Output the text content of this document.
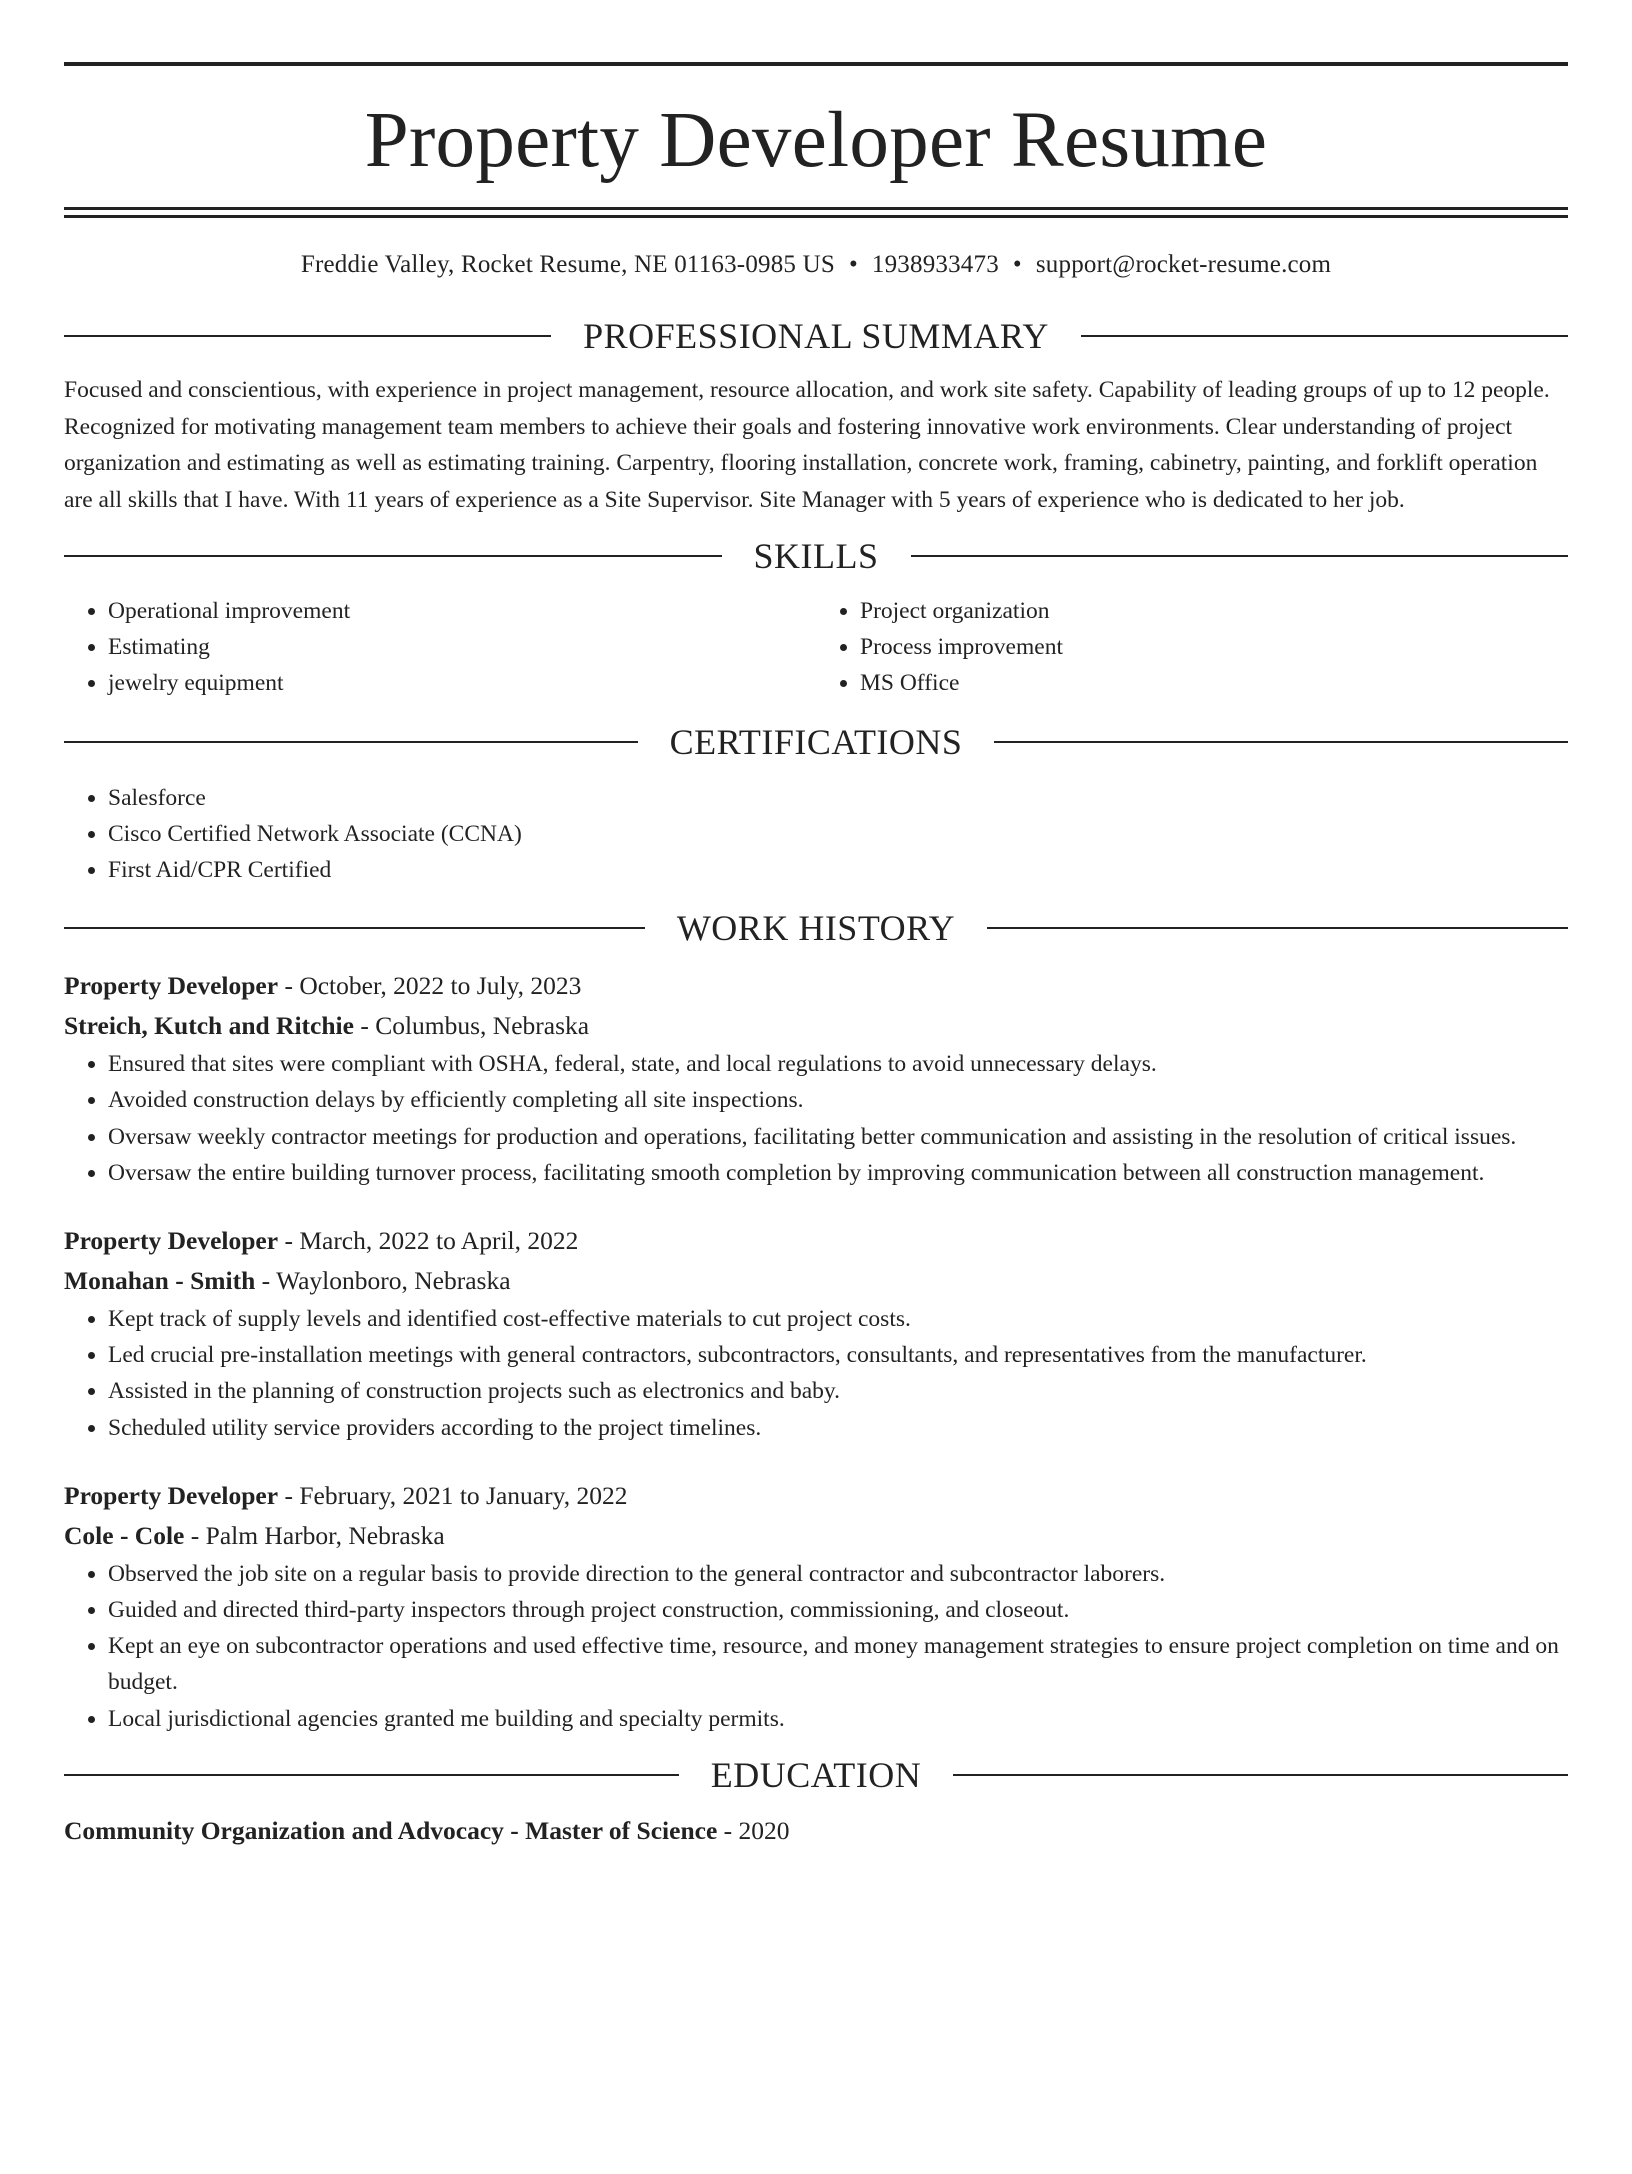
Property Developer Resume
Freddie Valley, Rocket Resume, NE 01163-0985 US • 1938933473 • support@rocket-resume.com
PROFESSIONAL SUMMARY

Focused and conscientious, with experience in project management, resource allocation, and work site safety. Capability of leading groups of up to 12 people. Recognized for motivating management team members to achieve their goals and fostering innovative work environments. Clear understanding of project organization and estimating as well as estimating training. Carpentry, flooring installation, concrete work, framing, cabinetry, painting, and forklift operation are all skills that I have. With 11 years of experience as a Site Supervisor. Site Manager with 5 years of experience who is dedicated to her job.

SKILLS
• Operational improvement
• Estimating
• jewelry equipment
• Project organization
• Process improvement
• MS Office
CERTIFICATIONS
• Salesforce
• Cisco Certified Network Associate (CCNA)
• First Aid/CPR Certified
WORK HISTORY
Property Developer - October, 2022 to July, 2023
Streich, Kutch and Ritchie - Columbus, Nebraska
• Ensured that sites were compliant with OSHA, federal, state, and local regulations to avoid unnecessary delays.
• Avoided construction delays by efficiently completing all site inspections.
• Oversaw weekly contractor meetings for production and operations, facilitating better communication and assisting in the resolution of critical issues.
• Oversaw the entire building turnover process, facilitating smooth completion by improving communication between all construction management.
Property Developer - March, 2022 to April, 2022
Monahan - Smith - Waylonboro, Nebraska
• Kept track of supply levels and identified cost-effective materials to cut project costs.
• Led crucial pre-installation meetings with general contractors, subcontractors, consultants, and representatives from the manufacturer.
• Assisted in the planning of construction projects such as electronics and baby.
• Scheduled utility service providers according to the project timelines.
Property Developer - February, 2021 to January, 2022
Cole - Cole - Palm Harbor, Nebraska
• Observed the job site on a regular basis to provide direction to the general contractor and subcontractor laborers.
• Guided and directed third-party inspectors through project construction, commissioning, and closeout.
• Kept an eye on subcontractor operations and used effective time, resource, and money management strategies to ensure project completion on time and on budget.
• Local jurisdictional agencies granted me building and specialty permits.
EDUCATION
Community Organization and Advocacy - Master of Science - 2020
